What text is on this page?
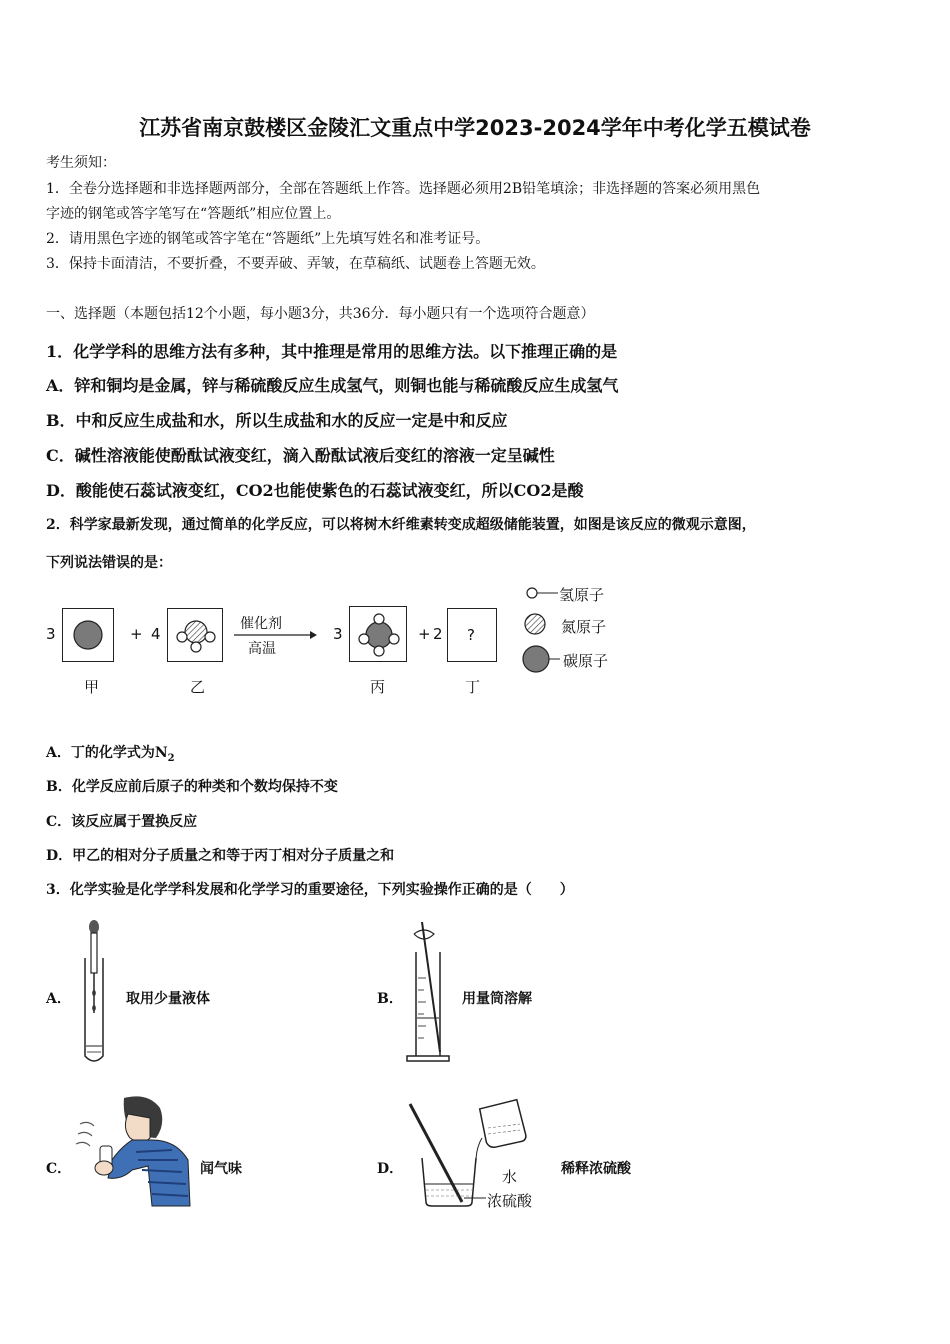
江苏省南京鼓楼区金陵汇文重点中学2023-2024学年中考化学五模试卷
考生须知：
1．全卷分选择题和非选择题两部分，全部在答题纸上作答。选择题必须用2B铅笔填涂；非选择题的答案必须用黑色
字迹的钢笔或答字笔写在“答题纸”相应位置上。
2．请用黑色字迹的钢笔或答字笔在“答题纸”上先填写姓名和准考证号。
3．保持卡面清洁，不要折叠，不要弄破、弄皱，在草稿纸、试题卷上答题无效。
一、选择题（本题包括12个小题，每小题3分，共36分．每小题只有一个选项符合题意）
1．化学学科的思维方法有多种，其中推理是常用的思维方法。以下推理正确的是
A．锌和铜均是金属，锌与稀硫酸反应生成氢气，则铜也能与稀硫酸反应生成氢气
B．中和反应生成盐和水，所以生成盐和水的反应一定是中和反应
C．碱性溶液能使酚酞试液变红，滴入酚酞试液后变红的溶液一定呈碱性
D．酸能使石蕊试液变红，CO2也能使紫色的石蕊试液变红，所以CO2是酸
2．科学家最新发现，通过简单的化学反应，可以将树木纤维素转变成超级储能装置，如图是该反应的微观示意图，
下列说法错误的是：
3	+ 4
催化剂
高温
3	+ 2 ?
甲	乙	丙	丁
氢原子
氮原子
碳原子
A．丁的化学式为$N_2$
B．化学反应前后原子的种类和个数均保持不变
C．该反应属于置换反应
D．甲乙的相对分子质量之和等于丙丁相对分子质量之和
3．化学实验是化学学科发展和化学学习的重要途径，下列实验操作正确的是（　　）
A．	取用少量液体	B．	用量筒溶解
C．	闻气味	D．	水
浓硫酸
稀释浓硫酸
